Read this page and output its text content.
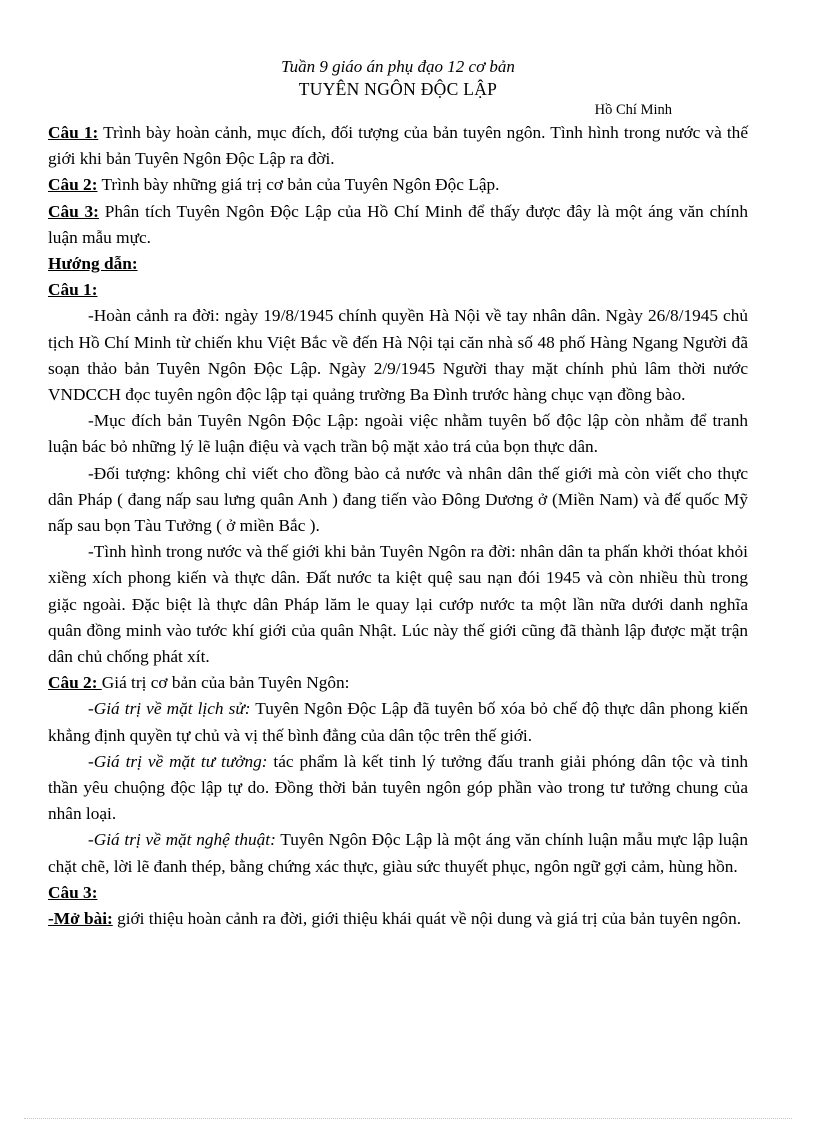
Tuần 9 giáo án phụ đạo 12 cơ bản
TUYÊN NGÔN ĐỘC LẬP
Hồ Chí Minh

Câu 1: Trình bày hoàn cảnh, mục đích, đối tượng của bản tuyên ngôn. Tình hình trong nước và thế giới khi bản Tuyên Ngôn Độc Lập ra đời.

Câu 2: Trình bày những giá trị cơ bản của Tuyên Ngôn Độc Lập.

Câu 3: Phân tích Tuyên Ngôn Độc Lập của Hồ Chí Minh để thấy được đây là một áng văn chính luận mẫu mực.

Hướng dẫn:

Câu 1:

-Hoàn cảnh ra đời: ngày 19/8/1945 chính quyền Hà Nội về tay nhân dân. Ngày 26/8/1945 chủ tịch Hồ Chí Minh từ chiến khu Việt Bắc về đến Hà Nội tại căn nhà số 48 phố Hàng Ngang Người đã soạn thảo bản Tuyên Ngôn Độc Lập. Ngày 2/9/1945 Người thay mặt chính phủ lâm thời nước VNDCCH đọc tuyên ngôn độc lập tại quảng trường Ba Đình trước hàng chục vạn đồng bào.

-Mục đích bản Tuyên Ngôn Độc Lập: ngoài việc nhằm tuyên bố độc lập còn nhằm để tranh luận bác bỏ những lý lẽ luận điệu và vạch trần bộ mặt xảo trá của bọn thực dân.

-Đối tượng: không chỉ viết cho đồng bào cả nước và nhân dân thế giới mà còn viết cho thực dân Pháp ( đang nấp sau lưng quân Anh ) đang tiến vào Đông Dương ở (Miền Nam) và đế quốc Mỹ nấp sau bọn Tàu Tưởng ( ở miền Bắc ).

-Tình hình trong nước và thế giới khi bản Tuyên Ngôn ra đời: nhân dân ta phấn khởi thóat khỏi xiềng xích phong kiến và thực dân. Đất nước ta kiệt quệ sau nạn đói 1945 và còn nhiều thù trong giặc ngoài. Đặc biệt là thực dân Pháp lăm le quay lại cướp nước ta một lần nữa dưới danh nghĩa quân đồng minh vào tước khí giới của quân Nhật. Lúc này thế giới cũng đã thành lập được mặt trận dân chủ chống phát xít.

Câu 2: Giá trị cơ bản của bản Tuyên Ngôn:

-Giá trị về mặt lịch sử: Tuyên Ngôn Độc Lập đã tuyên bố xóa bỏ chế độ thực dân phong kiến khẳng định quyền tự chủ và vị thế bình đẳng của dân tộc trên thế giới.

-Giá trị về mặt tư tưởng: tác phẩm là kết tinh lý tưởng đấu tranh giải phóng dân tộc và tinh thần yêu chuộng độc lập tự do. Đồng thời bản tuyên ngôn góp phần vào trong tư tưởng chung của nhân loại.

-Giá trị về mặt nghệ thuật: Tuyên Ngôn Độc Lập là một áng văn chính luận mẫu mực lập luận chặt chẽ, lời lẽ đanh thép, bằng chứng xác thực, giàu sức thuyết phục, ngôn ngữ gợi cảm, hùng hồn.

Câu 3:

-Mở bài: giới thiệu hoàn cảnh ra đời, giới thiệu khái quát về nội dung và giá trị của bản tuyên ngôn.
